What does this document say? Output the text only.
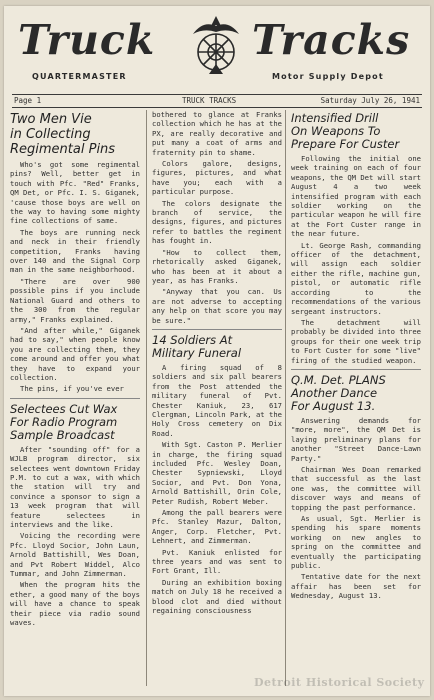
Truck Tracks
QUARTERMASTER	Motor Supply Depot
Page 1	TRUCK TRACKS	Saturday July 26, 1941
Two Men Vie
in Collecting
Regimental Pins

Who's got some regimental pins? Well, better get in touch with Pfc. "Red" Franks, QM Det, or Pfc. I. S. Giganek, 'cause those boys are well on the way to having some mighty fine collections of same.

The boys are running neck and neck in their friendly competition, Franks having over 140 and the Signal Corp man in the same neighborhood.

"There are over 900 possible pins if you include National Guard and others to the 300 from the regular army," Franks explained.

"And after while," Giganek had to say," when people know you are collecting them, they come around and offer you what they have to expand your collection.

The pins, if you've ever

Selectees Cut Wax
For Radio Program
Sample Broadcast

After "sounding off" for a WJLB program director, six selectees went downtown Friday P.M. to cut a wax, with which the station will try and convince a sponsor to sign a 13 week program that will feature selectees in interviews and the like.

Voicing the recording were Pfc. Lloyd Socior, John Laun, Arnold Battishill, Wes Doan, and Pvt Robert Widdel, Alco Tummar, and John Zimmerman.

When the program hits the ether, a good many of the boys will have a chance to speak their piece via radio sound waves.

bothered to glance at Franks collection which he has at the PX, are really decorative and put many a coat of arms and fraternity pin to shame.

Colors galore, designs, figures, pictures, and what have you; each with a particular purpose.

The colors designate the branch of service, the designs, figures, and pictures refer to battles the regiment has fought in.

"How to collect them, rhetorically asked Giganek, who has been at it about a year, as has Franks.

"Anyway that you can. Us are not adverse to accepting any help on that score you may be sure."

14 Soldiers At
Military Funeral

A firing squad of 8 soldiers and six pall bearers from the Post attended the military funeral of Pvt. Chester Kaniuk, 23, 617 Clergman, Lincoln Park, at the Holy Cross cemetery on Dix Road.

With Sgt. Caston P. Merlier in charge, the firing squad included Pfc. Wesley Doan, Chester Sypniewski, Lloyd Socior, and Pvt. Don Yona, Arnold Battishill, Orin Cole, Peter Rudish, Robert Weber.

Among the pall bearers were Pfc. Stanley Mazur, Dalton, Anger, Corp. Fletcher, Pvt. Lehnert, and Zimmerman.

Pvt. Kaniuk enlisted for three years and was sent to Fort Grant, Ill.

During an exhibition boxing match on July 18 he received a blood clot and died without regaining consciousness

Intensified Drill
On Weapons To
Prepare For Custer

Following the initial one week training on each of four weapons, the QM Det will start August 4 a two week intensified program with each soldier working on the particular weapon he will fire at the Fort Custer range in the near future.

Lt. George Rash, commanding officer of the detachment, will assign each soldier either the rifle, machine gun, pistol, or automatic rifle according to the recommendations of the various sergeant instructors.

The detachment will probably be divided into three groups for their one week trip to Fort Custer for some "live" firing of the studied weapon.

Q.M. Det. PLANS
Another Dance
For August 13.

Answering demands for "more, more", the QM Det is laying preliminary plans for another "Street Dance-Lawn Party."

Chairman Wes Doan remarked that successful as the last one was, the committee will discover ways and means of topping the past performance.

As usual, Sgt. Merlier is spending his spare moments working on new angles to spring on the committee and eventually the participating public.

Tentative date for the next affair has been set for Wednesday, August 13.

Detroit Historical Society
